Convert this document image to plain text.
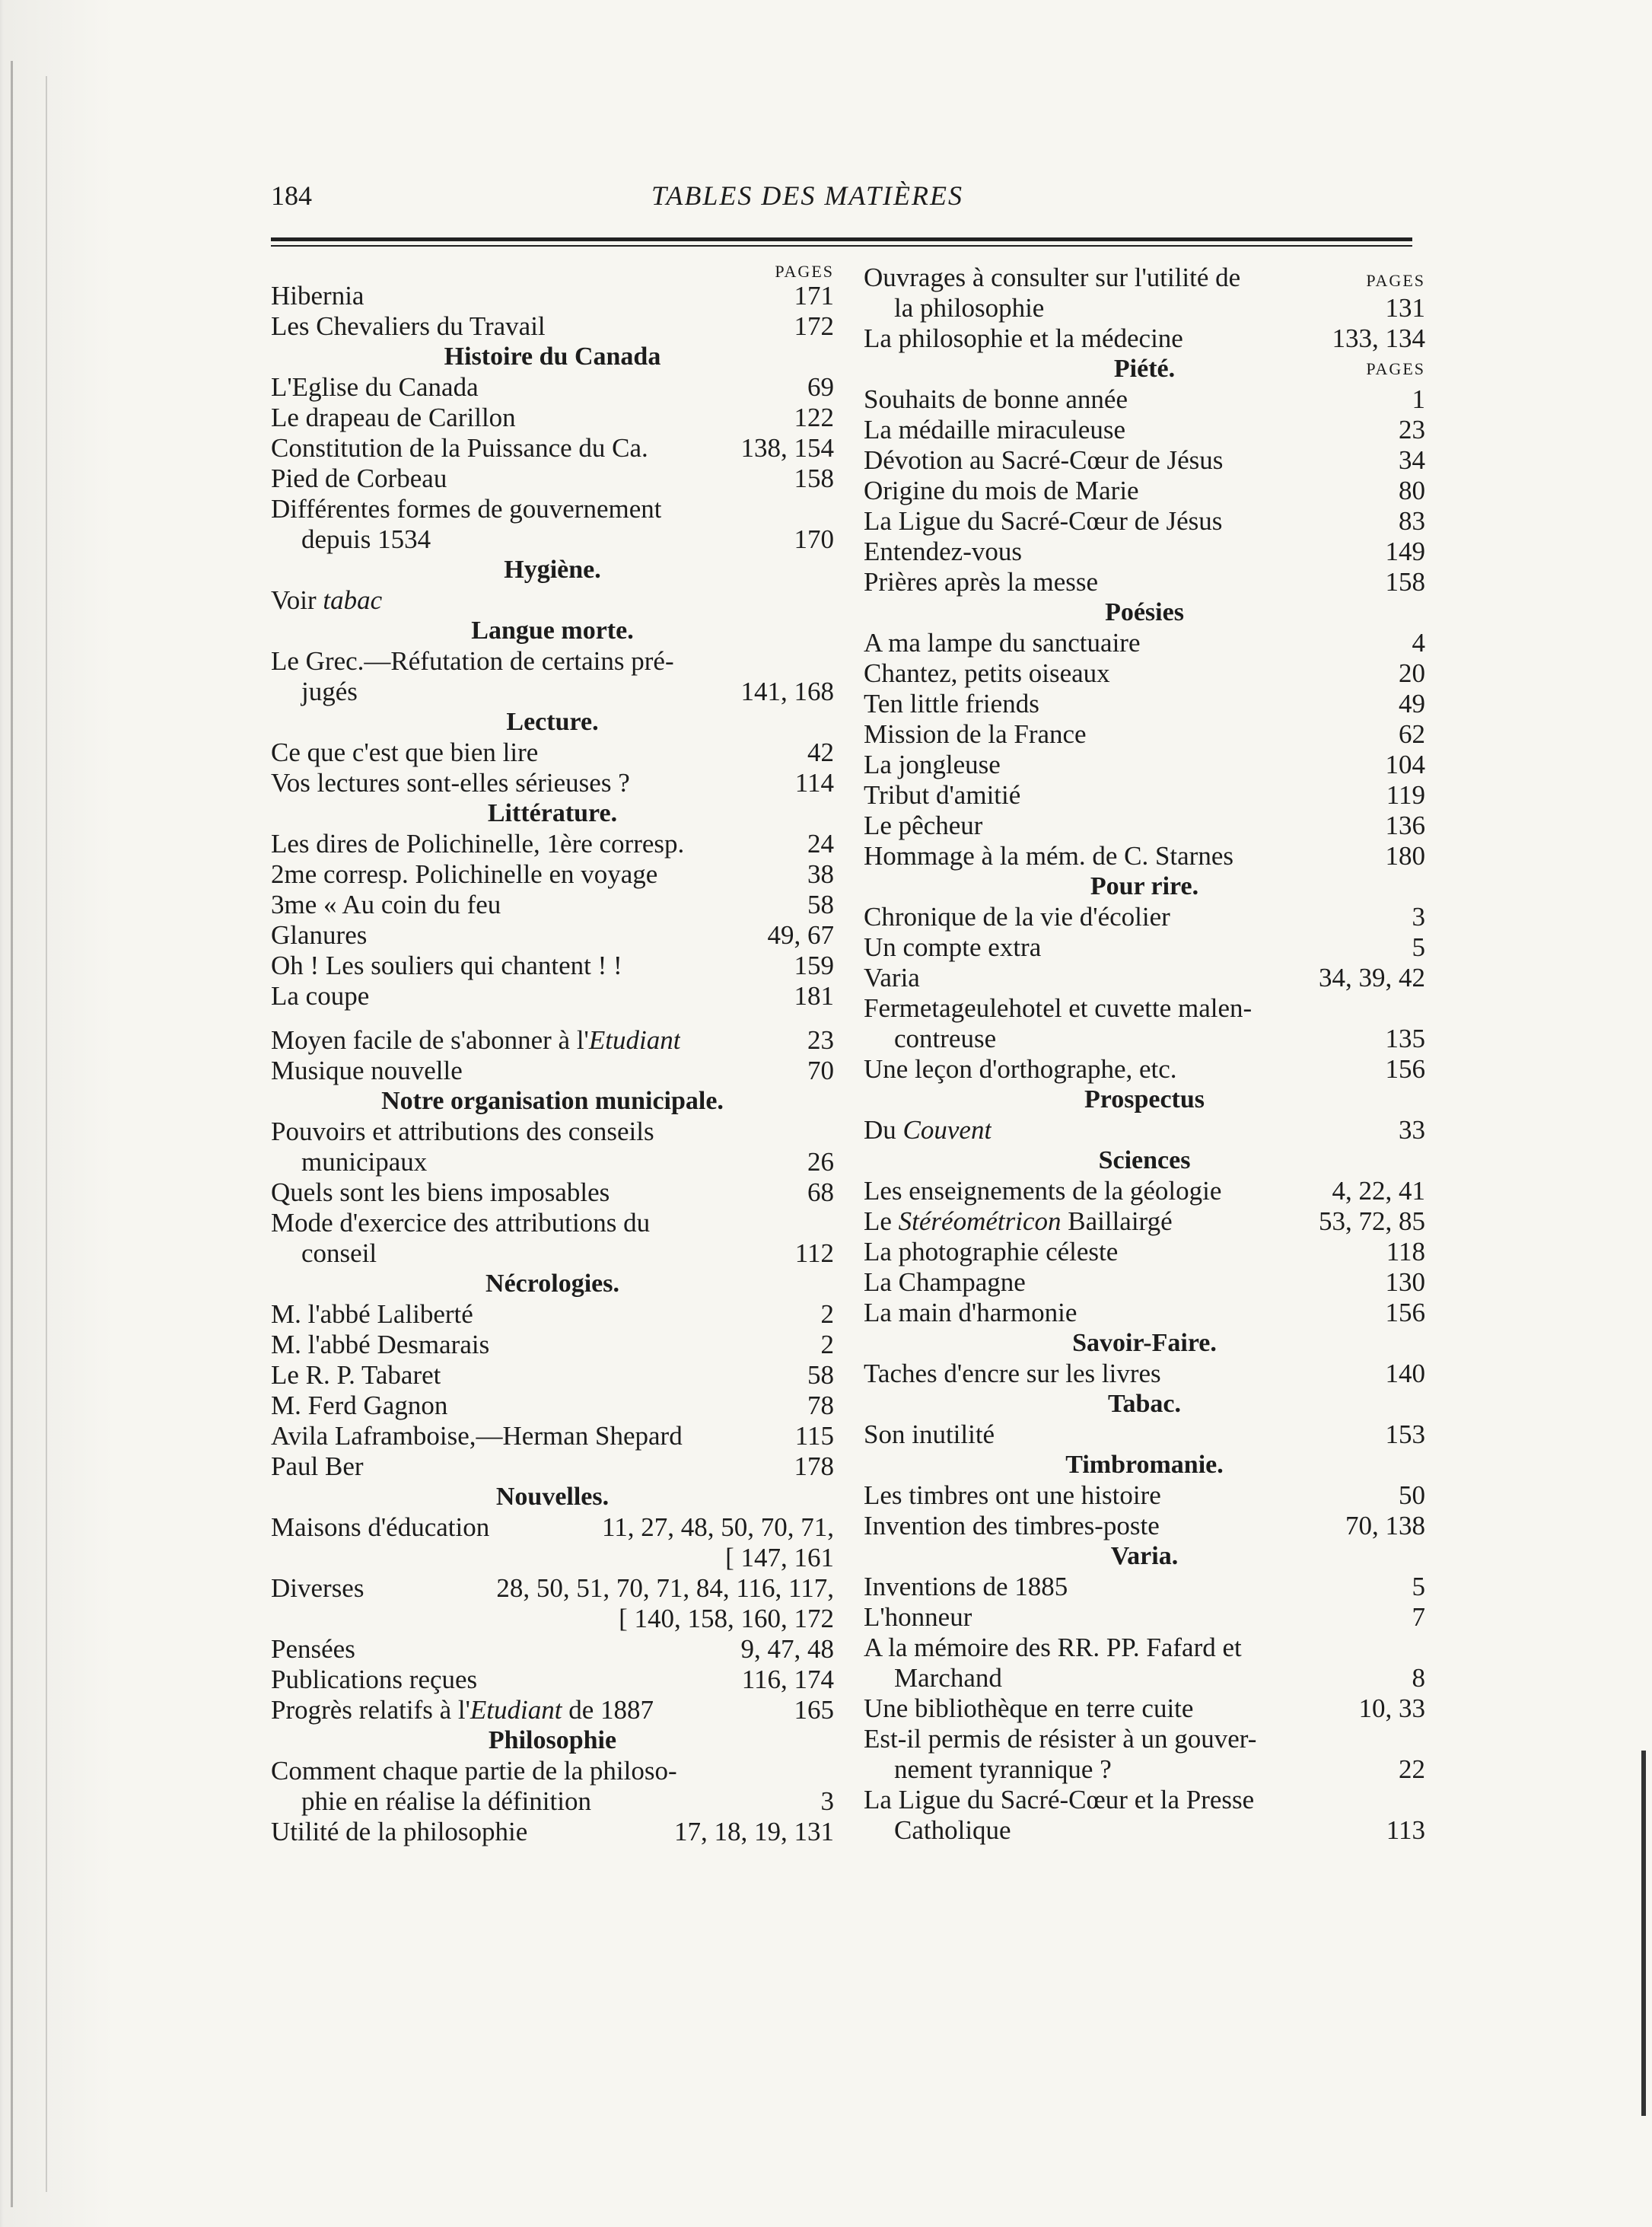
184	TABLES DES MATIÈRES
PAGES
Hibernia	171
Les Chevaliers du Travail	172
Histoire du Canada
L'Eglise du Canada	69
Le drapeau de Carillon	122
Constitution de la Puissance du Ca.	138, 154
Pied de Corbeau	158
Différentes formes de gouvernement
depuis 1534	170
Hygiène.
Voir tabac
Langue morte.
Le Grec.—Réfutation de certains pré-
jugés	141, 168
Lecture.
Ce que c'est que bien lire	42
Vos lectures sont-elles sérieuses ?	114
Littérature.
Les dires de Polichinelle, 1ère corresp.	24
2me corresp. Polichinelle en voyage	38
3me « Au coin du feu	58
Glanures	49, 67
Oh ! Les souliers qui chantent ! !	159
La coupe	181
Moyen facile de s'abonner à l'Etudiant	23
Musique nouvelle	70
Notre organisation municipale.
Pouvoirs et attributions des conseils
municipaux	26
Quels sont les biens imposables	68
Mode d'exercice des attributions du
conseil	112
Nécrologies.
M. l'abbé Laliberté	2
M. l'abbé Desmarais	2
Le R. P. Tabaret	58
M. Ferd Gagnon	78
Avila Laframboise,—Herman Shepard	115
Paul Ber	178
Nouvelles.
Maisons d'éducation	11, 27, 48, 50, 70, 71,
[ 147, 161
Diverses	28, 50, 51, 70, 71, 84, 116, 117,
[ 140, 158, 160, 172
Pensées	9, 47, 48
Publications reçues	116, 174
Progrès relatifs à l'Etudiant de 1887	165
Philosophie
Comment chaque partie de la philoso-
phie en réalise la définition	3
Utilité de la philosophie	17, 18, 19, 131
Ouvrages à consulter sur l'utilité de	PAGES
la philosophie	131
La philosophie et la médecine	133, 134
Piété.	PAGES
Souhaits de bonne année	1
La médaille miraculeuse	23
Dévotion au Sacré-Cœur de Jésus	34
Origine du mois de Marie	80
La Ligue du Sacré-Cœur de Jésus	83
Entendez-vous	149
Prières après la messe	158
Poésies
A ma lampe du sanctuaire	4
Chantez, petits oiseaux	20
Ten little friends	49
Mission de la France	62
La jongleuse	104
Tribut d'amitié	119
Le pêcheur	136
Hommage à la mém. de C. Starnes	180
Pour rire.
Chronique de la vie d'écolier	3
Un compte extra	5
Varia	34, 39, 42
Fermetageulehotel et cuvette malen-
contreuse	135
Une leçon d'orthographe, etc.	156
Prospectus
Du Couvent	33
Sciences
Les enseignements de la géologie	4, 22, 41
Le Stéréométricon Baillairgé	53, 72, 85
La photographie céleste	118
La Champagne	130
La main d'harmonie	156
Savoir-Faire.
Taches d'encre sur les livres	140
Tabac.
Son inutilité	153
Timbromanie.
Les timbres ont une histoire	50
Invention des timbres-poste	70, 138
Varia.
Inventions de 1885	5
L'honneur	7
A la mémoire des RR. PP. Fafard et
Marchand	8
Une bibliothèque en terre cuite	10, 33
Est-il permis de résister à un gouver-
nement tyrannique ?	22
La Ligue du Sacré-Cœur et la Presse
Catholique	113
